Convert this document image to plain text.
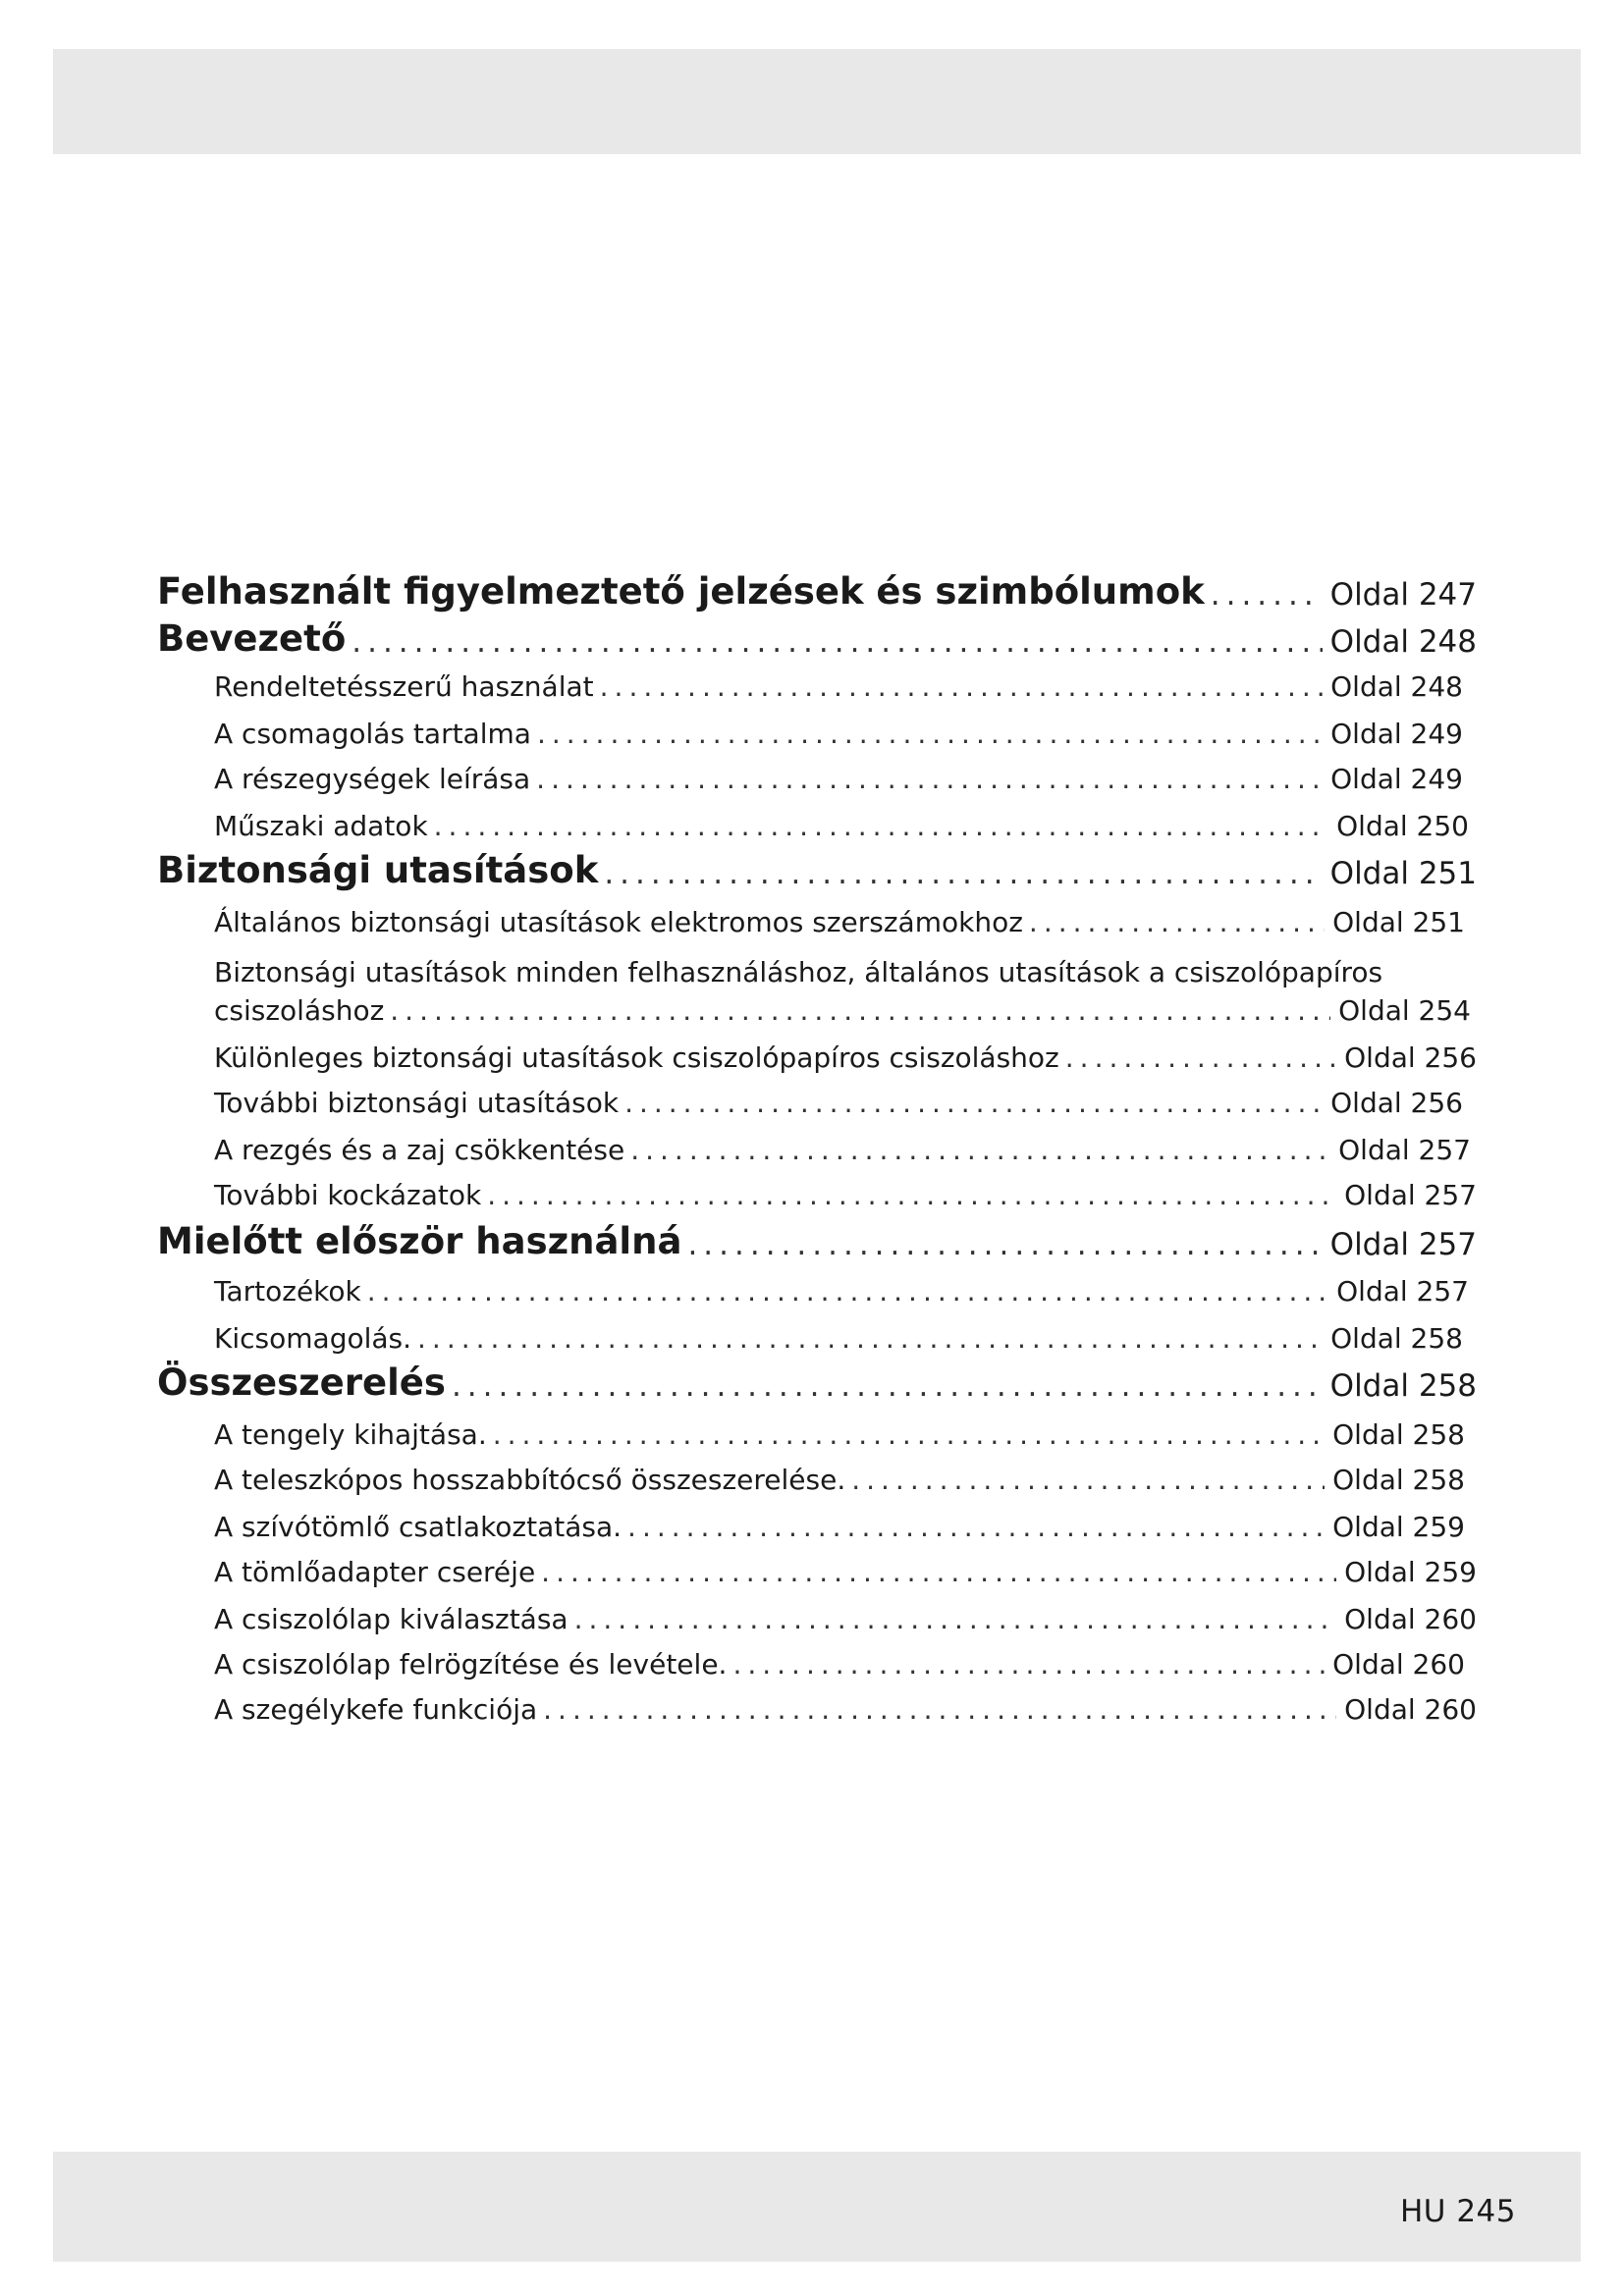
Felhasznált figyelmeztető jelzések és szimbólumok .....	Oldal 247
Bevezető .....	Oldal 248
Rendeltetésszerű használat .....	Oldal 248
A csomagolás tartalma .....	Oldal 249
A részegységek leírása .....	Oldal 249
Műszaki adatok .....	Oldal 250
Biztonsági utasítások .....	Oldal 251
Általános biztonsági utasítások elektromos szerszámokhoz .....	Oldal 251
Biztonsági utasítások minden felhasználáshoz, általános utasítások a csiszolópapíros
csiszoláshoz .....	Oldal 254
Különleges biztonsági utasítások csiszolópapíros csiszoláshoz .....	Oldal 256
További biztonsági utasítások .....	Oldal 256
A rezgés és a zaj csökkentése .....	Oldal 257
További kockázatok .....	Oldal 257
Mielőtt először használná .....	Oldal 257
Tartozékok .....	Oldal 257
Kicsomagolás. .....	Oldal 258
Összeszerelés .....	Oldal 258
A tengely kihajtása. .....	Oldal 258
A teleszkópos hosszabbítócső összeszerelése. .....	Oldal 258
A szívótömlő csatlakoztatása. .....	Oldal 259
A tömlőadapter cseréje .....	Oldal 259
A csiszolólap kiválasztása .....	Oldal 260
A csiszolólap felrögzítése és levétele. .....	Oldal 260
A szegélykefe funkciója .....	Oldal 260
HU 245
